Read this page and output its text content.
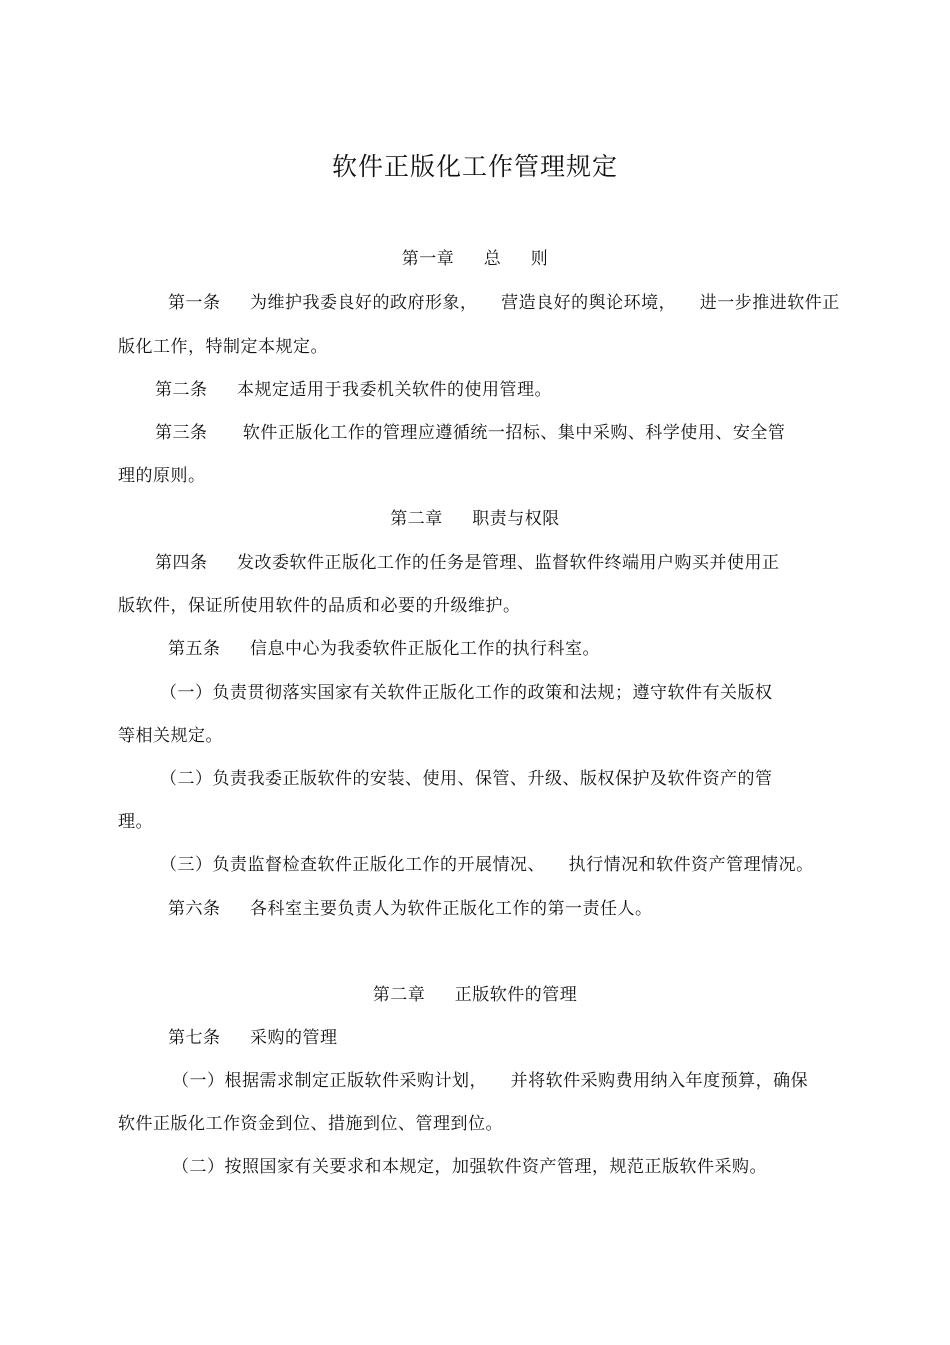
软件正版化工作管理规定
第一章     总     则
第一条     为维护我委良好的政府形象，    营造良好的舆论环境，    进一步推进软件正
版化工作，特制定本规定。
第二条     本规定适用于我委机关软件的使用管理。
第三条      软件正版化工作的管理应遵循统一招标、集中采购、科学使用、安全管
理的原则。
第二章     职责与权限
第四条     发改委软件正版化工作的任务是管理、监督软件终端用户购买并使用正
版软件，保证所使用软件的品质和必要的升级维护。
第五条     信息中心为我委软件正版化工作的执行科室。
（一）负责贯彻落实国家有关软件正版化工作的政策和法规；遵守软件有关版权
等相关规定。
（二）负责我委正版软件的安装、使用、保管、升级、版权保护及软件资产的管
理。
（三）负责监督检查软件正版化工作的开展情况、    执行情况和软件资产管理情况。
第六条     各科室主要负责人为软件正版化工作的第一责任人。
第二章     正版软件的管理
第七条     采购的管理
（一）根据需求制定正版软件采购计划，    并将软件采购费用纳入年度预算，确保
软件正版化工作资金到位、措施到位、管理到位。
（二）按照国家有关要求和本规定，加强软件资产管理，规范正版软件采购。
